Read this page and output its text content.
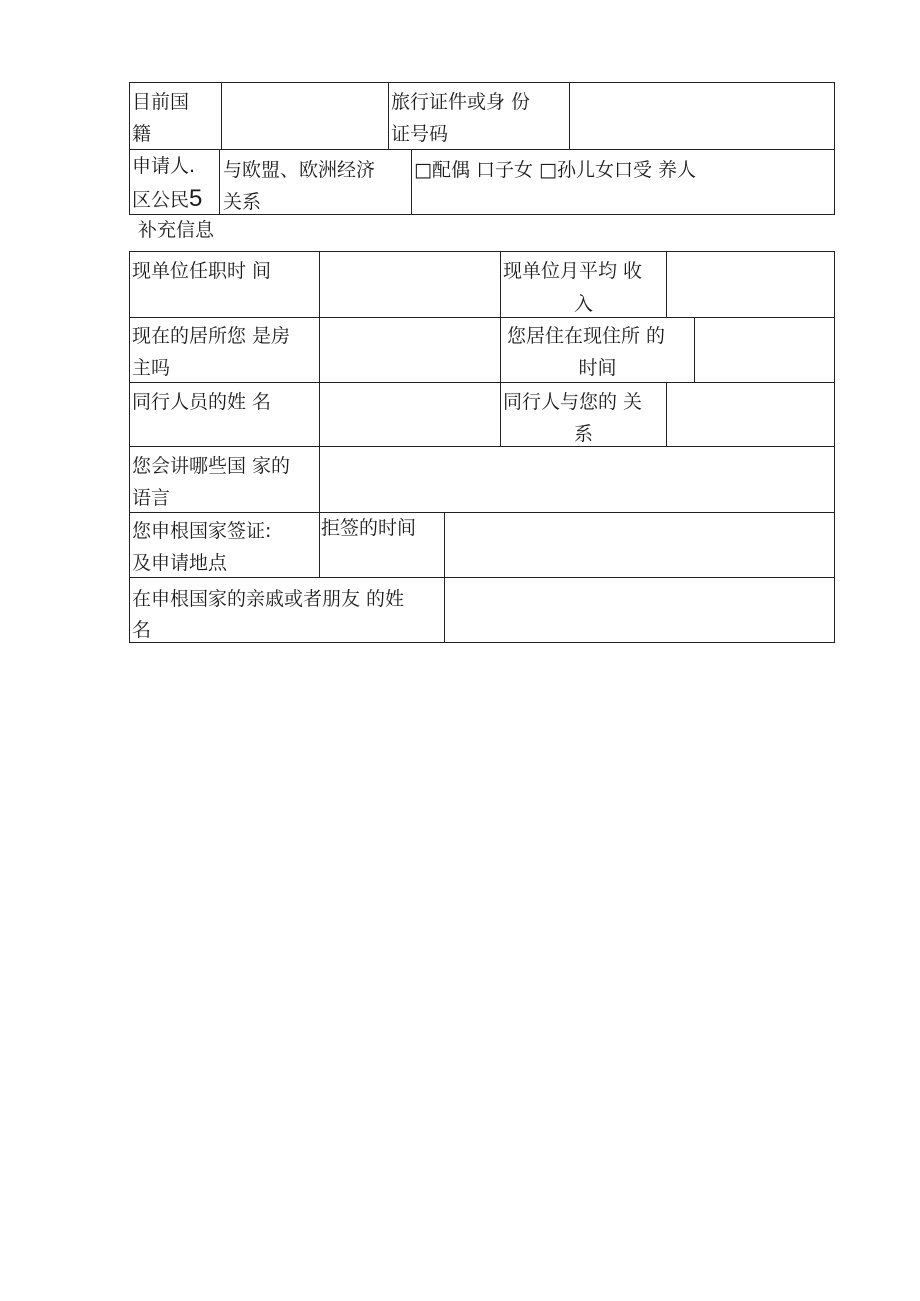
目前国
籍
旅行证件或身 份
证号码
申请人.
区公民5
与欧盟、欧洲经济
关系
□配偶 口子女 □孙儿女口受 养人
补充信息
现单位任职时 间	现单位月平均 收
入
现在的居所您 是房
主吗
您居住在现住所 的
时间
同行人员的姓 名	同行人与您的 关
系
您会讲哪些国 家的
语言
您申根国家签证:
及申请地点
拒签的时间
在申根国家的亲戚或者朋友 的姓
名
